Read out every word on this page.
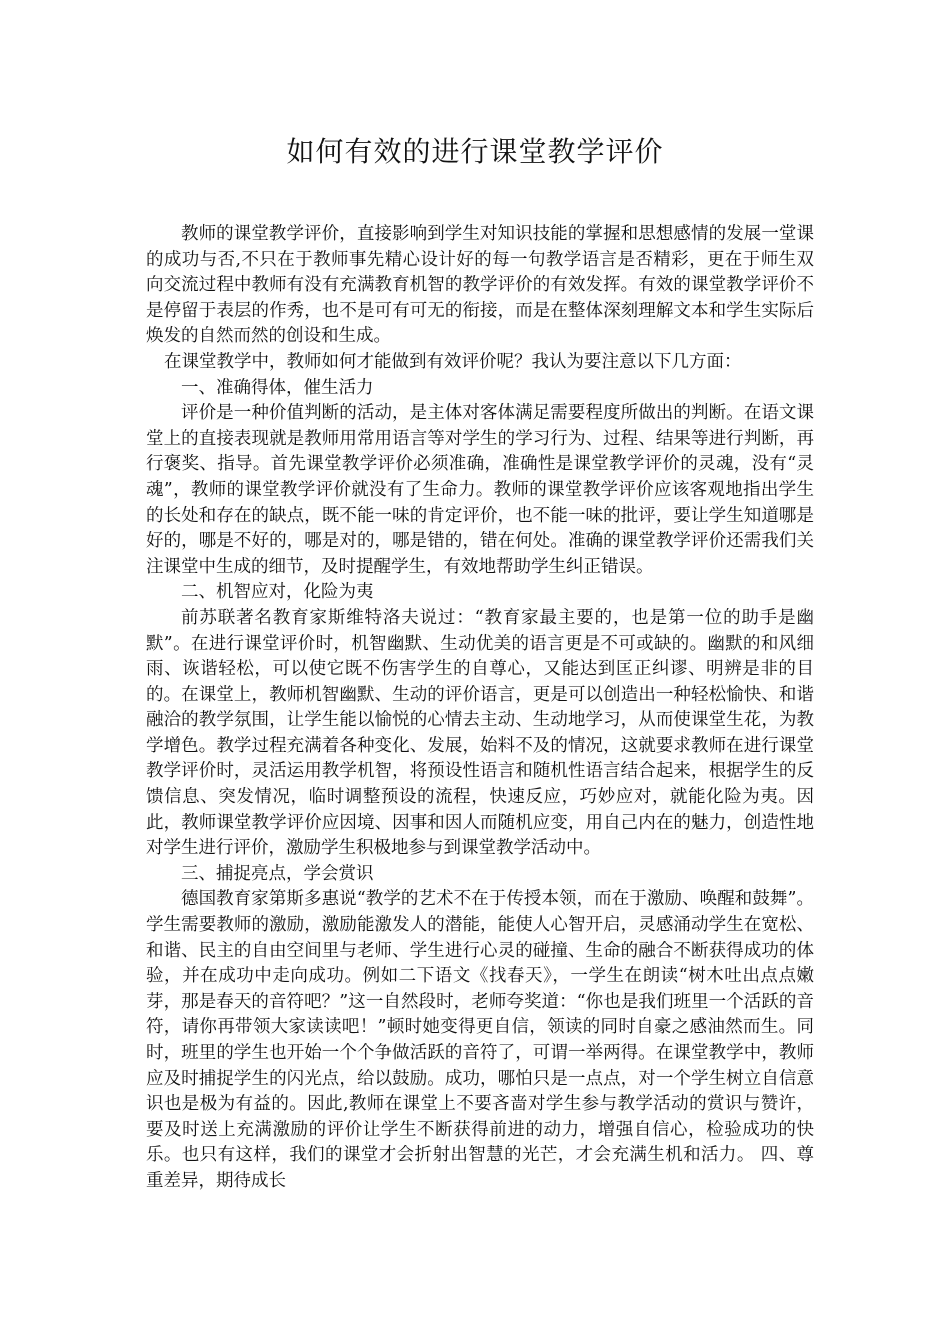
如何有效的进行课堂教学评价

教师的课堂教学评价，直接影响到学生对知识技能的掌握和思想感情的发展一堂课的成功与否,不只在于教师事先精心设计好的每一句教学语言是否精彩，更在于师生双向交流过程中教师有没有充满教育机智的教学评价的有效发挥。有效的课堂教学评价不是停留于表层的作秀，也不是可有可无的衔接，而是在整体深刻理解文本和学生实际后焕发的自然而然的创设和生成。

在课堂教学中，教师如何才能做到有效评价呢？我认为要注意以下几方面：

一、准确得体，催生活力

评价是一种价值判断的活动，是主体对客体满足需要程度所做出的判断。在语文课堂上的直接表现就是教师用常用语言等对学生的学习行为、过程、结果等进行判断，再行褒奖、指导。首先课堂教学评价必须准确，准确性是课堂教学评价的灵魂，没有“灵魂”，教师的课堂教学评价就没有了生命力。教师的课堂教学评价应该客观地指出学生的长处和存在的缺点，既不能一味的肯定评价，也不能一味的批评，要让学生知道哪是好的，哪是不好的，哪是对的，哪是错的，错在何处。准确的课堂教学评价还需我们关注课堂中生成的细节，及时提醒学生，有效地帮助学生纠正错误。

二、机智应对，化险为夷

前苏联著名教育家斯维特洛夫说过：“教育家最主要的，也是第一位的助手是幽默”。在进行课堂评价时，机智幽默、生动优美的语言更是不可或缺的。幽默的和风细雨、诙谐轻松，可以使它既不伤害学生的自尊心，又能达到匡正纠谬、明辨是非的目的。在课堂上，教师机智幽默、生动的评价语言，更是可以创造出一种轻松愉快、和谐融洽的教学氛围，让学生能以愉悦的心情去主动、生动地学习，从而使课堂生花，为教学增色。教学过程充满着各种变化、发展，始料不及的情况，这就要求教师在进行课堂教学评价时，灵活运用教学机智，将预设性语言和随机性语言结合起来，根据学生的反馈信息、突发情况，临时调整预设的流程，快速反应，巧妙应对，就能化险为夷。因此，教师课堂教学评价应因境、因事和因人而随机应变，用自己内在的魅力，创造性地对学生进行评价，激励学生积极地参与到课堂教学活动中。

三、捕捉亮点，学会赏识

德国教育家第斯多惠说“教学的艺术不在于传授本领，而在于激励、唤醒和鼓舞”。学生需要教师的激励，激励能激发人的潜能，能使人心智开启，灵感涌动学生在宽松、和谐、民主的自由空间里与老师、学生进行心灵的碰撞、生命的融合不断获得成功的体验，并在成功中走向成功。例如二下语文《找春天》，一学生在朗读“树木吐出点点嫩芽，那是春天的音符吧？”这一自然段时，老师夸奖道：“你也是我们班里一个活跃的音符，请你再带领大家读读吧！”顿时她变得更自信，领读的同时自豪之感油然而生。同时，班里的学生也开始一个个争做活跃的音符了，可谓一举两得。在课堂教学中，教师应及时捕捉学生的闪光点，给以鼓励。成功，哪怕只是一点点，对一个学生树立自信意识也是极为有益的。因此,教师在课堂上不要吝啬对学生参与教学活动的赏识与赞许，要及时送上充满激励的评价让学生不断获得前进的动力，增强自信心，检验成功的快乐。也只有这样，我们的课堂才会折射出智慧的光芒，才会充满生机和活力。 四、尊重差异，期待成长
